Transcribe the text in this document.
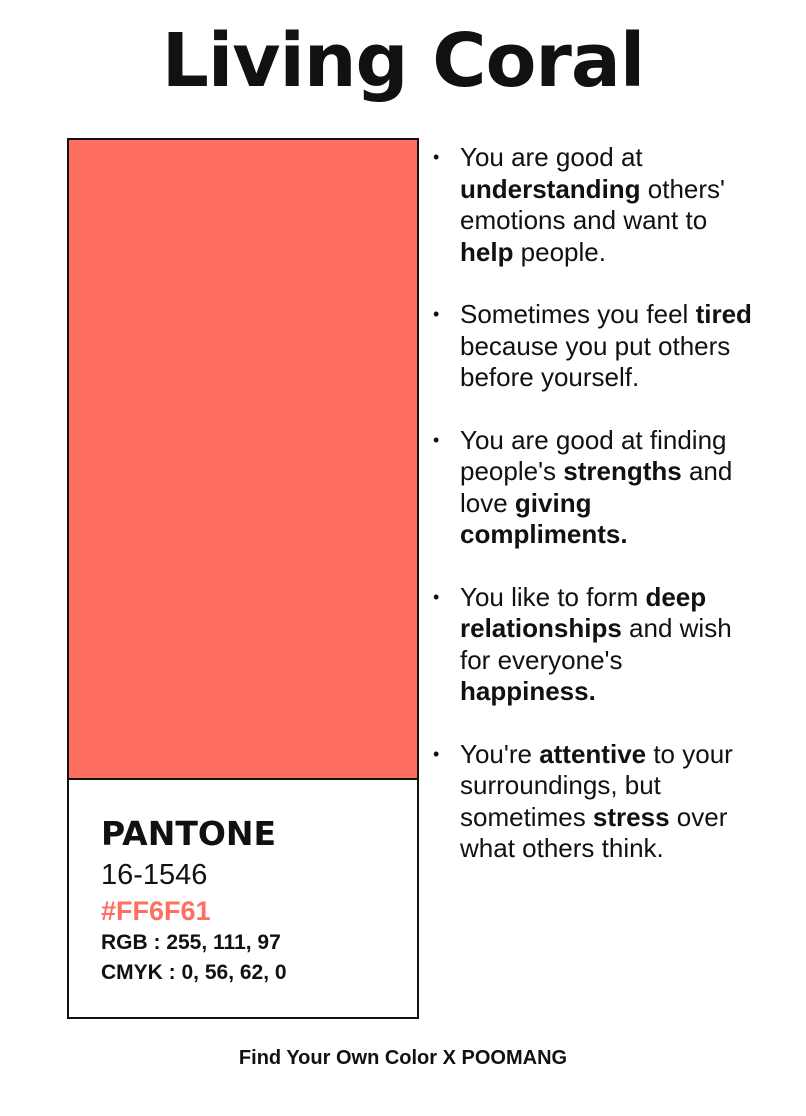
Living Coral

PANTONE

16-1546

#FF6F61

RGB : 255, 111, 97

CMYK : 0, 56, 62, 0

• You are good at understanding others' emotions and want to help people.
• Sometimes you feel tired because you put others before yourself.
• You are good at finding people's strengths and love giving compliments.
• You like to form deep relationships and wish for everyone's happiness.
• You're attentive to your surroundings, but sometimes stress over what others think.

Find Your Own Color X POOMANG
